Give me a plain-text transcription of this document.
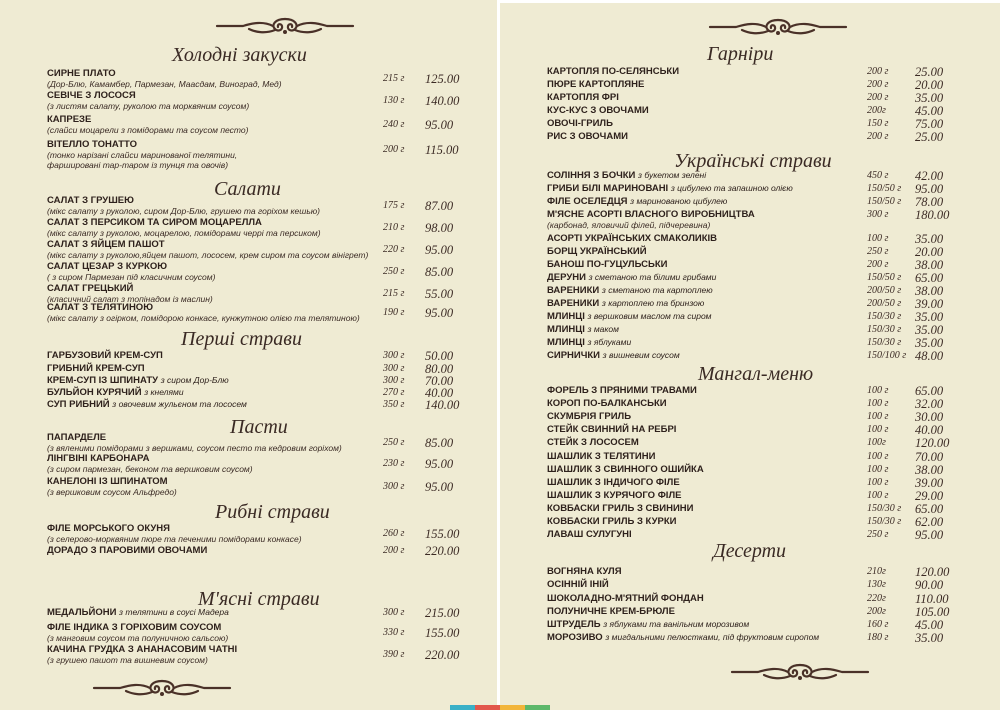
Холодні закуски
СИРНЕ ПЛАТО	215 г 125.00
(Дор-Блю, Камамбер, Пармезан, Маасдам, Виноград, Мед)
СЕВІЧЕ З ЛОСОСЯ	130 г 140.00
(з листям салату, руколою та морквяним соусом)
КАПРЕЗЕ	240 г 95.00
(слайси моцарели з помідорами та соусом песто)
ВІТЕЛЛО ТОНАТТО	200 г 115.00
(тонко нарізані слайси маринованої телятини,
фаршировані тар-таром із тунця та овочів)
Салати
САЛАТ З ГРУШЕЮ	175 г 87.00
(мікс салату з руколою, сиром Дор-Блю, грушею та горіхом кешью)
САЛАТ З ПЕРСИКОМ ТА СИРОМ МОЦАРЕЛЛА	210 г 98.00
(мікс салату з руколою, моцарелою, помідорами черрі та персиком)
САЛАТ З ЯЙЦЕМ ПАШОТ	220 г 95.00
(мікс салату з руколою,яйцем пашот, лососем, крем сиром та соусом вінігрет)
САЛАТ ЦЕЗАР З КУРКОЮ	250 г 85.00
( з сиром Пармезан під класичним соусом)
САЛАТ ГРЕЦЬКИЙ	215 г 55.00
(класичний салат з топінадом із маслин)
САЛАТ З ТЕЛЯТИНОЮ	190 г 95.00
(мікс салату з огірком, помідорою конкасе, кунжутною олією та телятиною)
Перші страви
ГАРБУЗОВИЙ КРЕМ-СУП	300 г 50.00
ГРИБНИЙ КРЕМ-СУП	300 г 80.00
КРЕМ-СУП ІЗ ШПИНАТУ з сиром Дор-Блю	300 г 70.00
БУЛЬЙОН КУРЯЧИЙ з кнелями	270 г 40.00
СУП РИБНИЙ з овочевим жульєном та лососем	350 г 140.00
Пасти
ПАПАРДЕЛЕ	250 г 85.00
(з вяленими помідорами з вершками, соусом песто та кедровим горіхом)
ЛІНГВІНІ КАРБОНАРА	230 г 95.00
(з сиром пармезан, беконом та вершковим соусом)
КАНЕЛОНІ ІЗ ШПИНАТОМ	300 г 95.00
(з вершковим соусом Альфредо)
Рибні страви
ФІЛЕ МОРСЬКОГО ОКУНЯ	260 г 155.00
(з селерово-морквяним пюре та печеними помідорами конкасе)
ДОРАДО З ПАРОВИМИ ОВОЧАМИ	200 г 220.00
М'ясні страви
МЕДАЛЬЙОНИ з телятини в соусі Мадера	300 г 215.00
ФІЛЕ ІНДИКА З ГОРІХОВИМ СОУСОМ	330 г 155.00
(з манговим соусом та полуничною сальсою)
КАЧИНА ГРУДКА З АНАНАСОВИМ ЧАТНІ	390 г 220.00
(з грушею пашот та вишневим соусом)
Гарніри
КАРТОПЛЯ ПО-СЕЛЯНСЬКИ	200 г 25.00
ПЮРЕ КАРТОПЛЯНЕ	200 г 20.00
КАРТОПЛЯ ФРІ	200 г 35.00
КУС-КУС З ОВОЧАМИ	200г 45.00
ОВОЧІ-ГРИЛЬ	150 г 75.00
РИС З ОВОЧАМИ	200 г 25.00
Українські страви
СОЛІННЯ З БОЧКИ з букетом зелені	450 г 42.00
ГРИБИ БІЛІ МАРИНОВАНІ з цибулею та запашною олією	150/50 г 95.00
ФІЛЕ ОСЕЛЕДЦЯ з маринованою цибулею	150/50 г 78.00
М'ЯСНЕ АСОРТІ ВЛАСНОГО ВИРОБНИЦТВА	300 г 180.00
(карбонад, яловичий філей, підчеревина)
АСОРТІ УКРАЇНСЬКИХ СМАКОЛИКІВ	100 г 35.00
БОРЩ УКРАЇНСЬКИЙ	250 г 20.00
БАНОШ ПО-ГУЦУЛЬСЬКИ	200 г 38.00
ДЕРУНИ з сметаною та білими грибами	150/50 г 65.00
ВАРЕНИКИ з сметаною та картоплею	200/50 г 38.00
ВАРЕНИКИ з картоплею та бринзою	200/50 г 39.00
МЛИНЦІ з вершковим маслом та сиром	150/30 г 35.00
МЛИНЦІ з маком	150/30 г 35.00
МЛИНЦІ з яблуками	150/30 г 35.00
СИРНИЧКИ з вишневим соусом	150/100 г 48.00
Мангал-меню
ФОРЕЛЬ З ПРЯНИМИ ТРАВАМИ	100 г 65.00
КОРОП ПО-БАЛКАНСЬКИ	100 г 32.00
СКУМБРІЯ ГРИЛЬ	100 г 30.00
СТЕЙК СВИННИЙ НА РЕБРІ	100 г 40.00
СТЕЙК З ЛОСОСЕМ	100г 120.00
ШАШЛИК З ТЕЛЯТИНИ	100 г 70.00
ШАШЛИК З СВИННОГО ОШИЙКА	100 г 38.00
ШАШЛИК З ІНДИЧОГО ФІЛЕ	100 г 39.00
ШАШЛИК З КУРЯЧОГО ФІЛЕ	100 г 29.00
КОВБАСКИ ГРИЛЬ З СВИНИНИ	150/30 г 65.00
КОВБАСКИ ГРИЛЬ З КУРКИ	150/30 г 62.00
ЛАВАШ СУЛУГУНІ	250 г 95.00
Десерти
ВОГНЯНА КУЛЯ	210г 120.00
ОСІННІЙ ІНІЙ	130г 90.00
ШОКОЛАДНО-М'ЯТНИЙ ФОНДАН	220г 110.00
ПОЛУНИЧНЕ КРЕМ-БРЮЛЕ	200г 105.00
ШТРУДЕЛЬ з яблуками та ванільним морозивом	160 г 45.00
МОРОЗИВО з мигдальними пелюстками, під фруктовим сиропом	180 г 35.00
